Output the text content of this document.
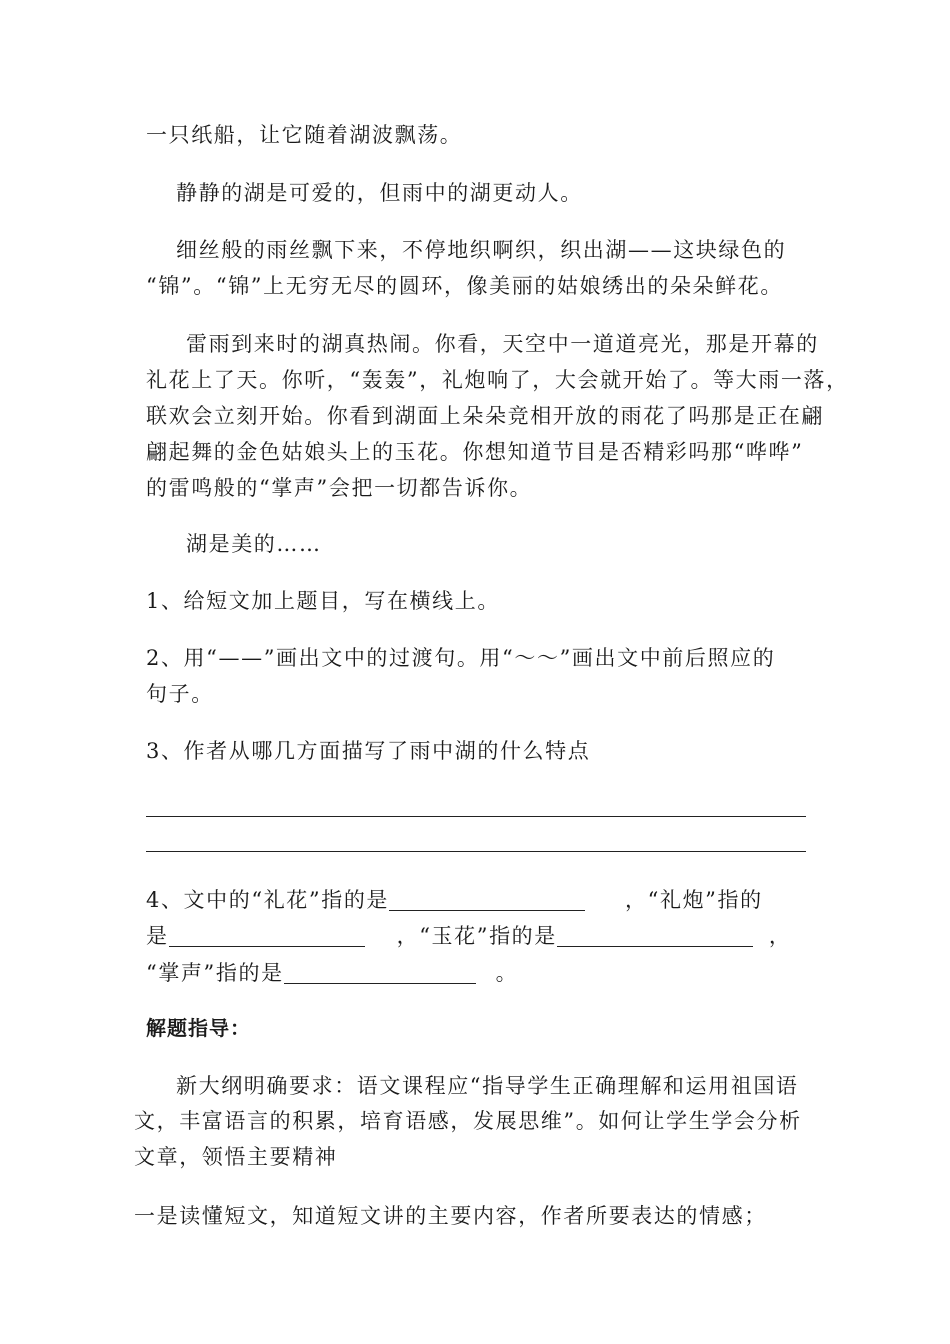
一只纸船，让它随着湖波飘荡。
静静的湖是可爱的，但雨中的湖更动人。
细丝般的雨丝飘下来，不停地织啊织，织出湖——这块绿色的
“锦”。“锦”上无穷无尽的圆环，像美丽的姑娘绣出的朵朵鲜花。
雷雨到来时的湖真热闹。你看，天空中一道道亮光，那是开幕的
礼花上了天。你听，“轰轰”，礼炮响了，大会就开始了。等大雨一落，
联欢会立刻开始。你看到湖面上朵朵竞相开放的雨花了吗那是正在翩
翩起舞的金色姑娘头上的玉花。你想知道节目是否精彩吗那“哗哗”
的雷鸣般的“掌声”会把一切都告诉你。
湖是美的……
1、给短文加上题目，写在横线上。
2、用“——”画出文中的过渡句。用“～～”画出文中前后照应的
句子。
3、作者从哪几方面描写了雨中湖的什么特点
4、文中的“礼花”指的是	，“礼炮”指的
是	，“玉花”指的是	，
“掌声”指的是	。
解题指导：
新大纲明确要求：语文课程应“指导学生正确理解和运用祖国语
文，丰富语言的积累，培育语感，发展思维”。如何让学生学会分析
文章，领悟主要精神
一是读懂短文，知道短文讲的主要内容，作者所要表达的情感；
